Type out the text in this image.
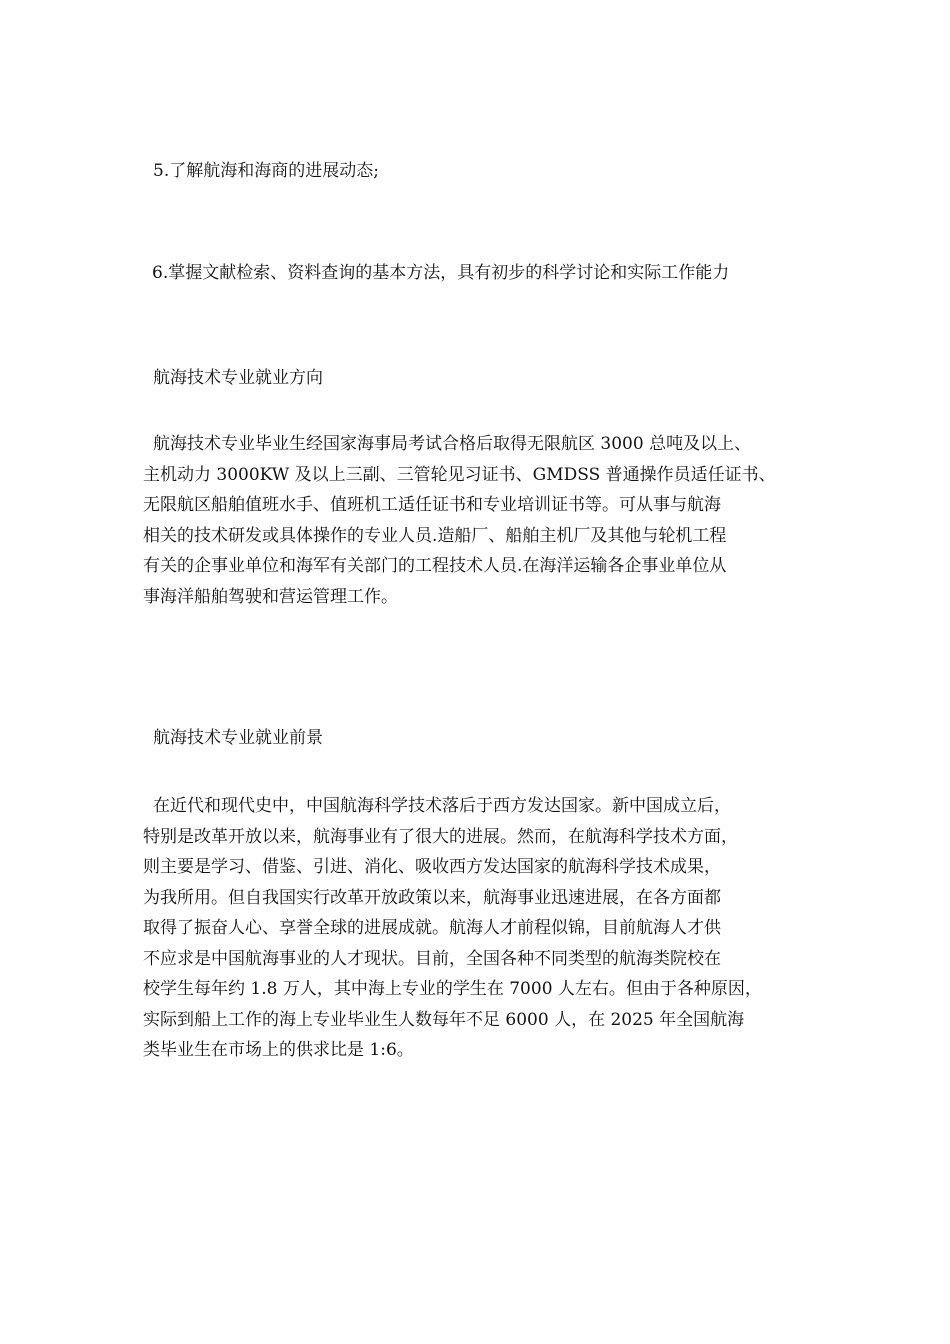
5.了解航海和海商的进展动态;
6.掌握文献检索、资料查询的基本方法，具有初步的科学讨论和实际工作能力
航海技术专业就业方向
航海技术专业毕业生经国家海事局考试合格后取得无限航区 3000 总吨及以上、
主机动力 3000KW 及以上三副、三管轮见习证书、GMDSS 普通操作员适任证书、
无限航区船舶值班水手、值班机工适任证书和专业培训证书等。可从事与航海
相关的技术研发或具体操作的专业人员.造船厂、船舶主机厂及其他与轮机工程
有关的企事业单位和海军有关部门的工程技术人员.在海洋运输各企事业单位从
事海洋船舶驾驶和营运管理工作。
航海技术专业就业前景
在近代和现代史中，中国航海科学技术落后于西方发达国家。新中国成立后，
特别是改革开放以来，航海事业有了很大的进展。然而，在航海科学技术方面，
则主要是学习、借鉴、引进、消化、吸收西方发达国家的航海科学技术成果，
为我所用。但自我国实行改革开放政策以来，航海事业迅速进展，在各方面都
取得了振奋人心、享誉全球的进展成就。航海人才前程似锦，目前航海人才供
不应求是中国航海事业的人才现状。目前，全国各种不同类型的航海类院校在
校学生每年约 1.8 万人，其中海上专业的学生在 7000 人左右。但由于各种原因，
实际到船上工作的海上专业毕业生人数每年不足 6000 人，在 2025 年全国航海
类毕业生在市场上的供求比是 1:6。
